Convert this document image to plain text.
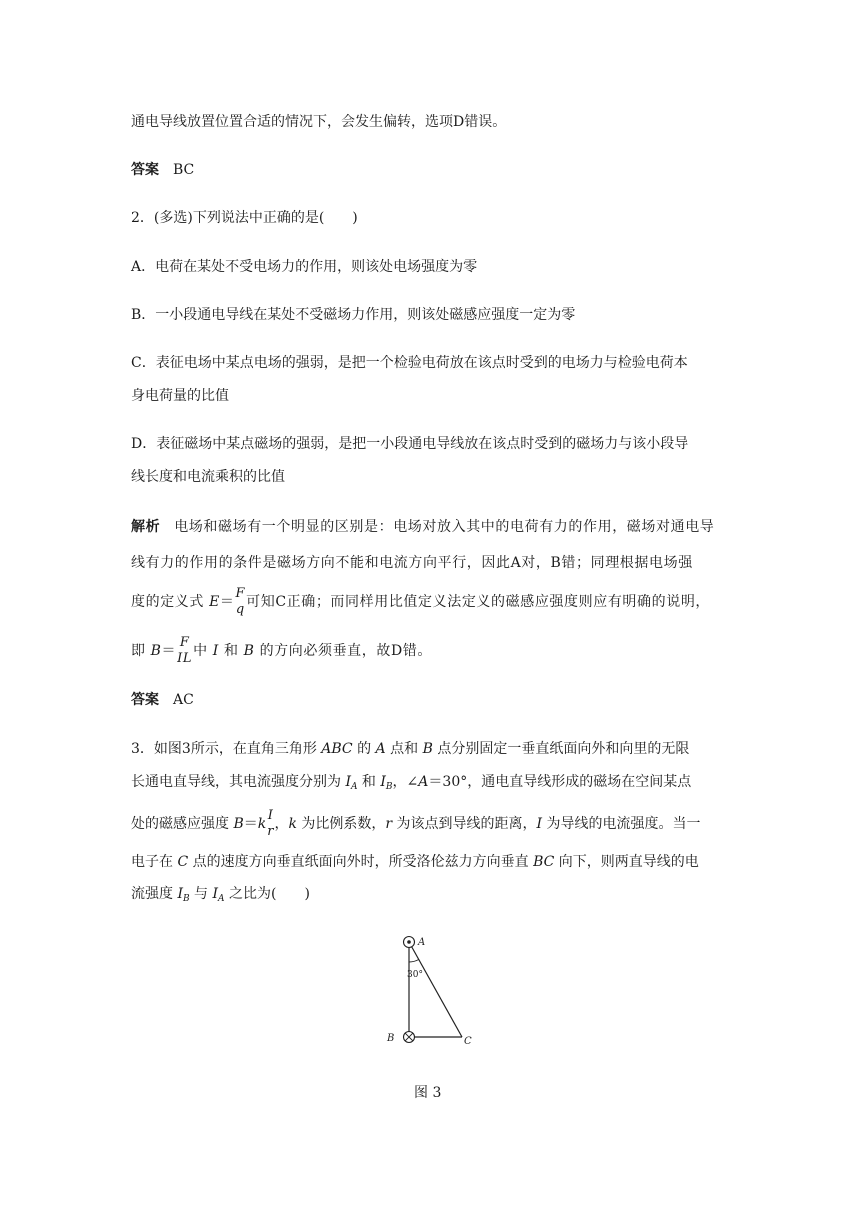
通电导线放置位置合适的情况下，会发生偏转，选项D错误。
答案 BC
2．(多选)下列说法中正确的是(　　)
A．电荷在某处不受电场力的作用，则该处电场强度为零
B．一小段通电导线在某处不受磁场力作用，则该处磁感应强度一定为零
C．表征电场中某点电场的强弱，是把一个检验电荷放在该点时受到的电场力与检验电荷本
身电荷量的比值
D．表征磁场中某点磁场的强弱，是把一小段通电导线放在该点时受到的磁场力与该小段导
线长度和电流乘积的比值
解析 电场和磁场有一个明显的区别是：电场对放入其中的电荷有力的作用，磁场对通电导
线有力的作用的条件是磁场方向不能和电流方向平行，因此A对，B错；同理根据电场强
度的定义式 E＝
F
q 可知C正确；而同样用比值定义法定义的磁感应强度则应有明确的说明，
即 B＝
F
IL 中 I 和 B 的方向必须垂直，故D错。
答案 AC
3．如图3所示，在直角三角形 ABC 的 A 点和 B 点分别固定一垂直纸面向外和向里的无限
长通电直导线，其电流强度分别为 $I_A$ 和 $I_B$，∠A＝30°，通电直导线形成的磁场在空间某点
处的磁感应强度 B＝k
I
r ，k 为比例系数，r 为该点到导线的距离，I 为导线的电流强度。当一
电子在 C 点的速度方向垂直纸面向外时，所受洛伦兹力方向垂直 BC 向下，则两直导线的电
流强度 $I_B$ 与 $I_A$ 之比为(　　)
A
B	C
30°
图 3
